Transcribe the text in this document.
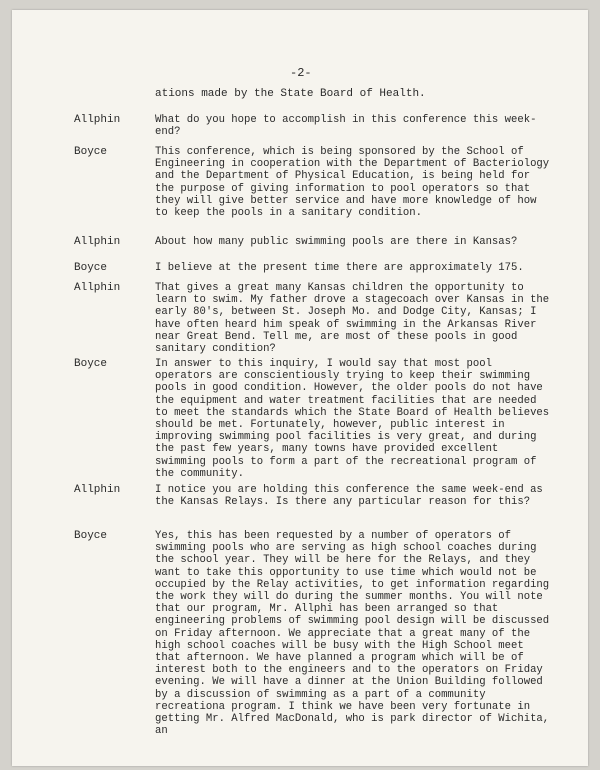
-2-
ations made by the State Board of Health.
Allphin	What do you hope to accomplish in this conference this week-end?
Boyce	This conference, which is being sponsored by the School of Engineering in cooperation with the Department of Bacteriology and the Department of Physical Education, is being held for the purpose of giving information to pool operators so that they will give better service and have more knowledge of how to keep the pools in a sanitary condition.
Allphin	About how many public swimming pools are there in Kansas?
Boyce	I believe at the present time there are approximately 175.
Allphin	That gives a great many Kansas children the opportunity to learn to swim. My father drove a stagecoach over Kansas in the early 80's, between St. Joseph Mo. and Dodge City, Kansas; I have often heard him speak of swimming in the Arkansas River near Great Bend. Tell me, are most of these pools in good sanitary condition?
Boyce	In answer to this inquiry, I would say that most pool operators are conscientiously trying to keep their swimming pools in good condition. However, the older pools do not have the equipment and water treatment facilities that are needed to meet the standards which the State Board of Health believes should be met. Fortunately, however, public interest in improving swimming pool facilities is very great, and during the past few years, many towns have provided excellent swimming pools to form a part of the recreational program of the community.
Allphin	I notice you are holding this conference the same week-end as the Kansas Relays. Is there any particular reason for this?
Boyce	Yes, this has been requested by a number of operators of swimming pools who are serving as high school coaches during the school year. They will be here for the Relays, and they want to take this opportunity to use time which would not be occupied by the Relay activities, to get information regarding the work they will do during the summer months. You will note that our program, Mr. Allphi has been arranged so that engineering problems of swimming pool design will be discussed on Friday afternoon. We appreciate that a great many of the high school coaches will be busy with the High School meet that afternoon. We have planned a program which will be of interest both to the engineers and to the operators on Friday evening. We will have a dinner at the Union Building followed by a discussion of swimming as a part of a community recreationa program. I think we have been very fortunate in getting Mr. Alfred MacDonald, who is park director of Wichita, an
